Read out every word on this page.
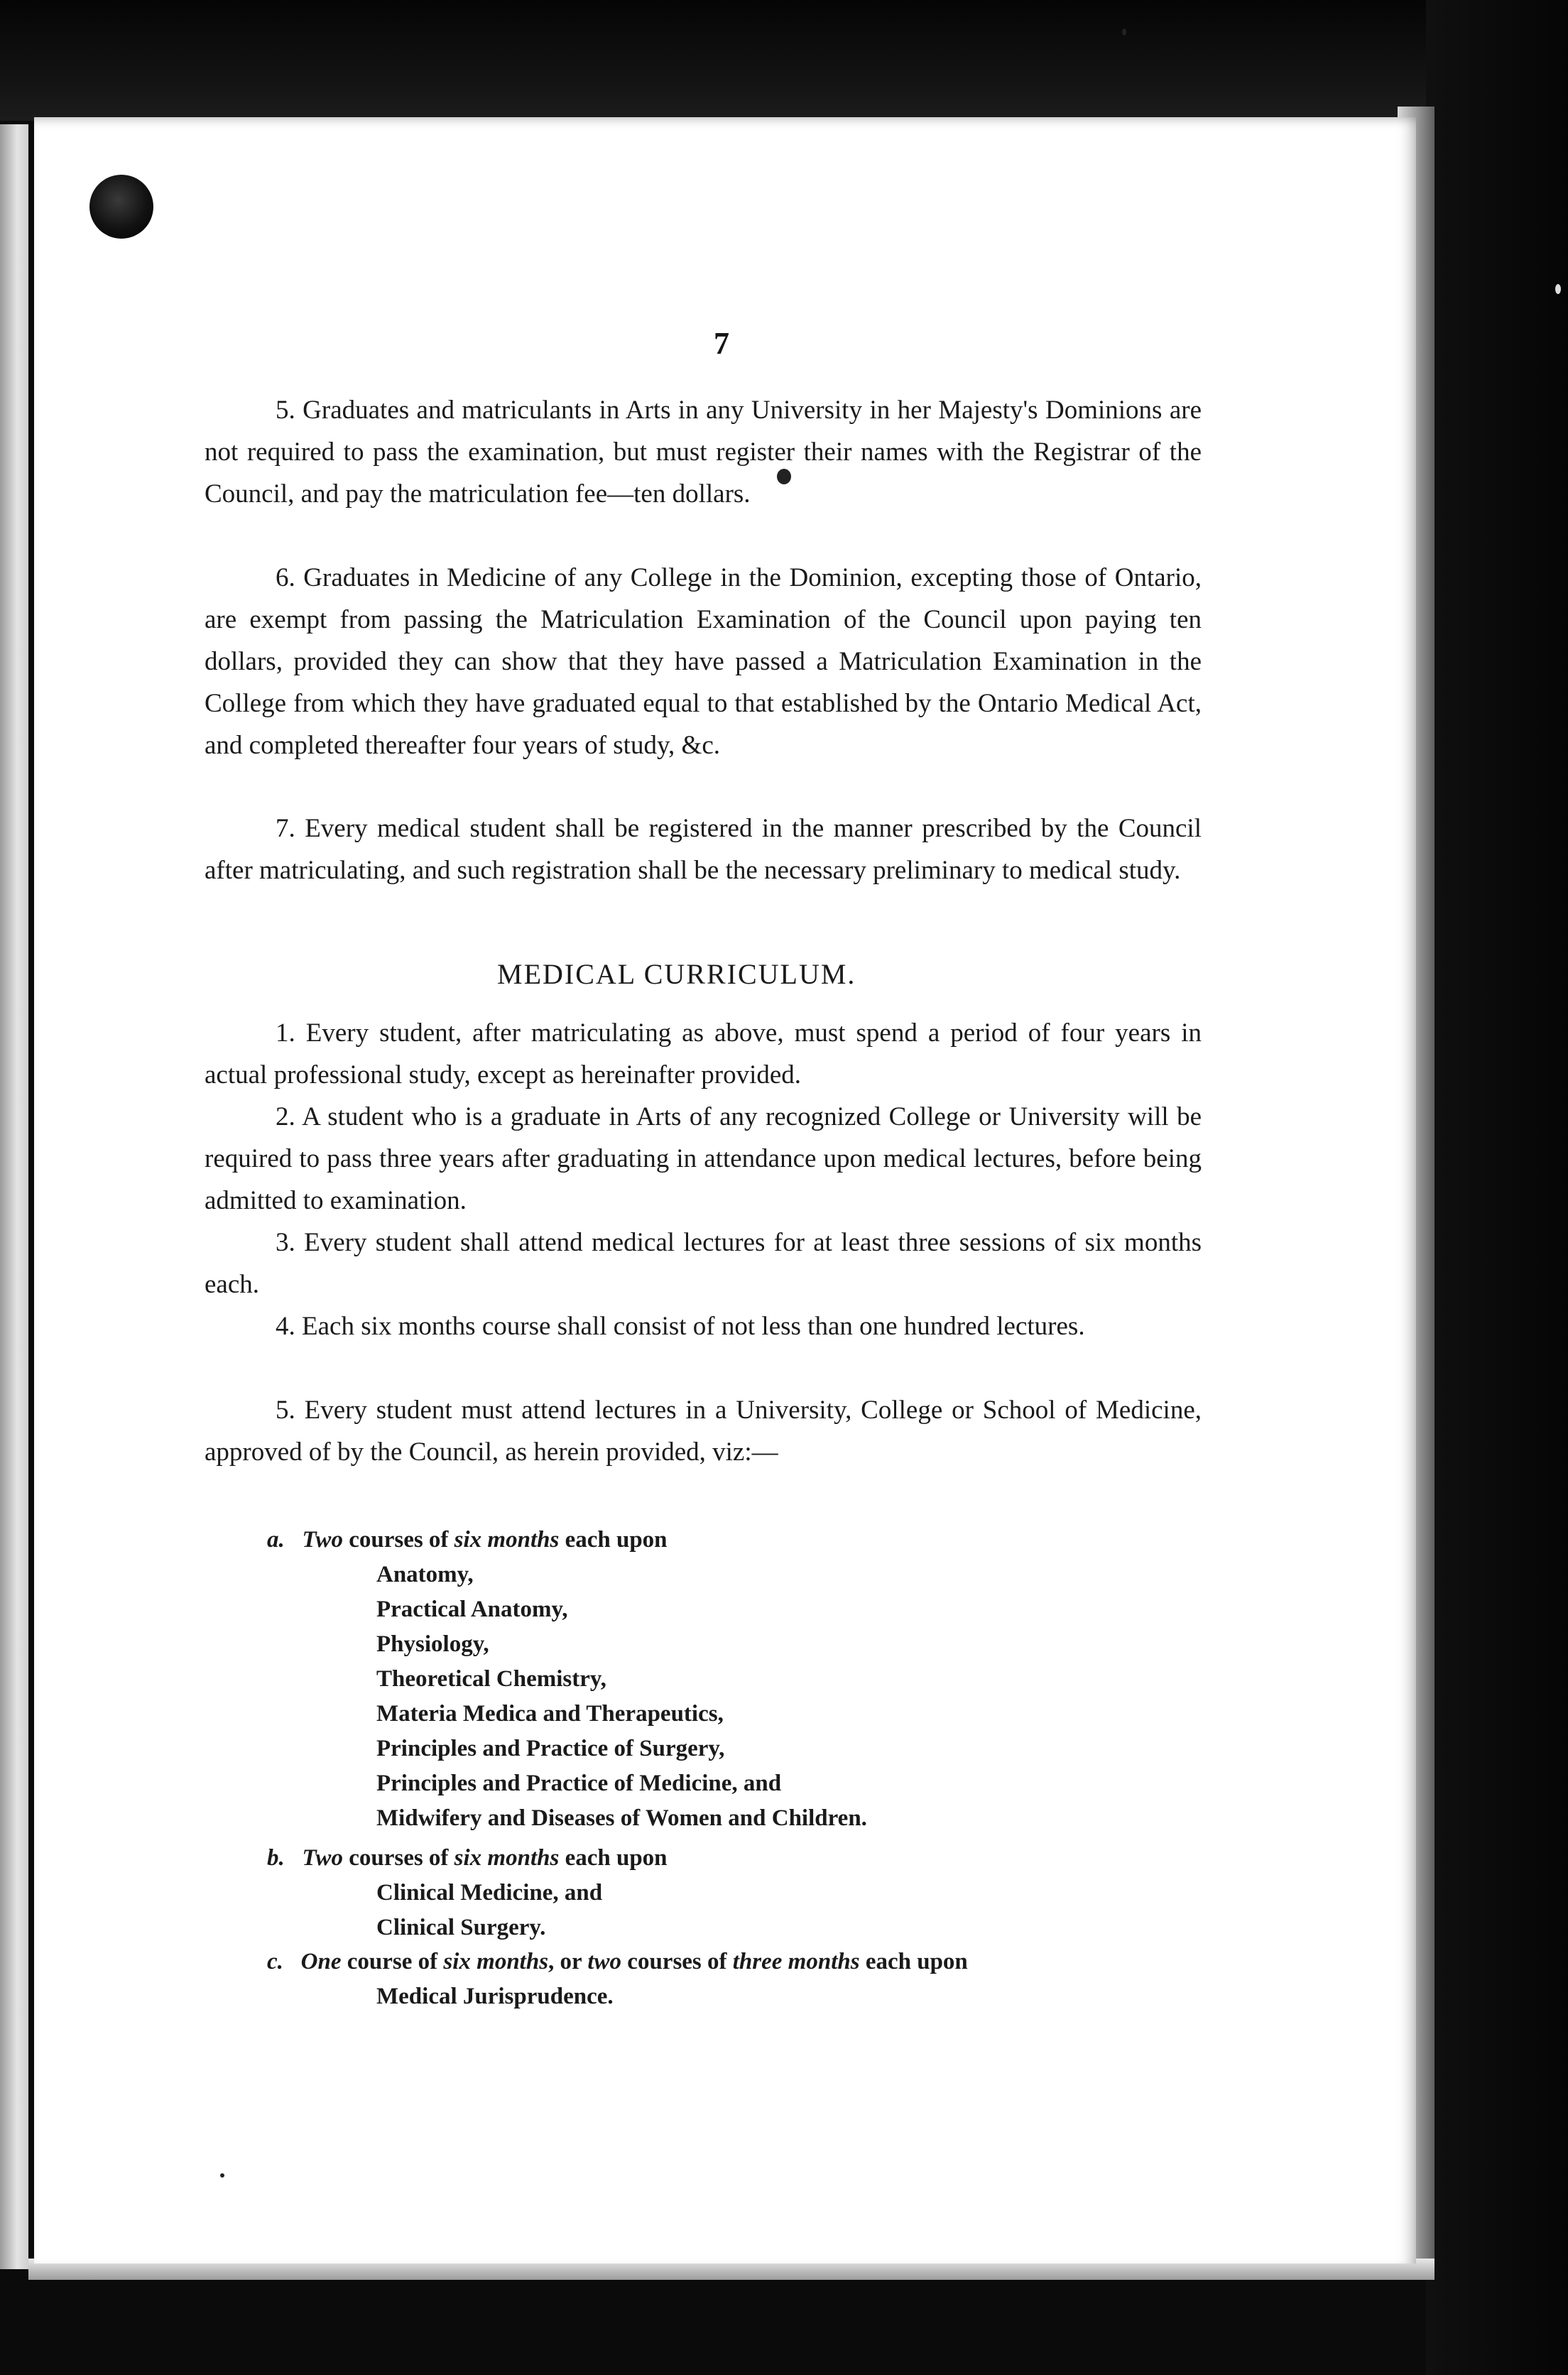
7

5. Graduates and matriculants in Arts in any University in her Majesty's Dominions are not required to pass the examination, but must register their names with the Registrar of the Council, and pay the matriculation fee—ten dollars.

6. Graduates in Medicine of any College in the Dominion, excepting those of Ontario, are exempt from passing the Matriculation Examination of the Council upon paying ten dollars, provided they can show that they have passed a Matriculation Examination in the College from which they have graduated equal to that established by the Ontario Medical Act, and completed thereafter four years of study, &c.

7. Every medical student shall be registered in the manner prescribed by the Council after matriculating, and such registration shall be the necessary preliminary to medical study.

MEDICAL CURRICULUM.

1. Every student, after matriculating as above, must spend a period of four years in actual professional study, except as hereinafter provided.

2. A student who is a graduate in Arts of any recognized College or University will be required to pass three years after graduating in attendance upon medical lectures, before being admitted to examination.

3. Every student shall attend medical lectures for at least three sessions of six months each.

4. Each six months course shall consist of not less than one hundred lectures.

5. Every student must attend lectures in a University, College or School of Medicine, approved of by the Council, as herein provided, viz:—

a. Two courses of six months each upon
Anatomy,
Practical Anatomy,
Physiology,
Theoretical Chemistry,
Materia Medica and Therapeutics,
Principles and Practice of Surgery,
Principles and Practice of Medicine, and
Midwifery and Diseases of Women and Children.
b. Two courses of six months each upon
Clinical Medicine, and
Clinical Surgery.
c. One course of six months, or two courses of three months each upon
Medical Jurisprudence.
